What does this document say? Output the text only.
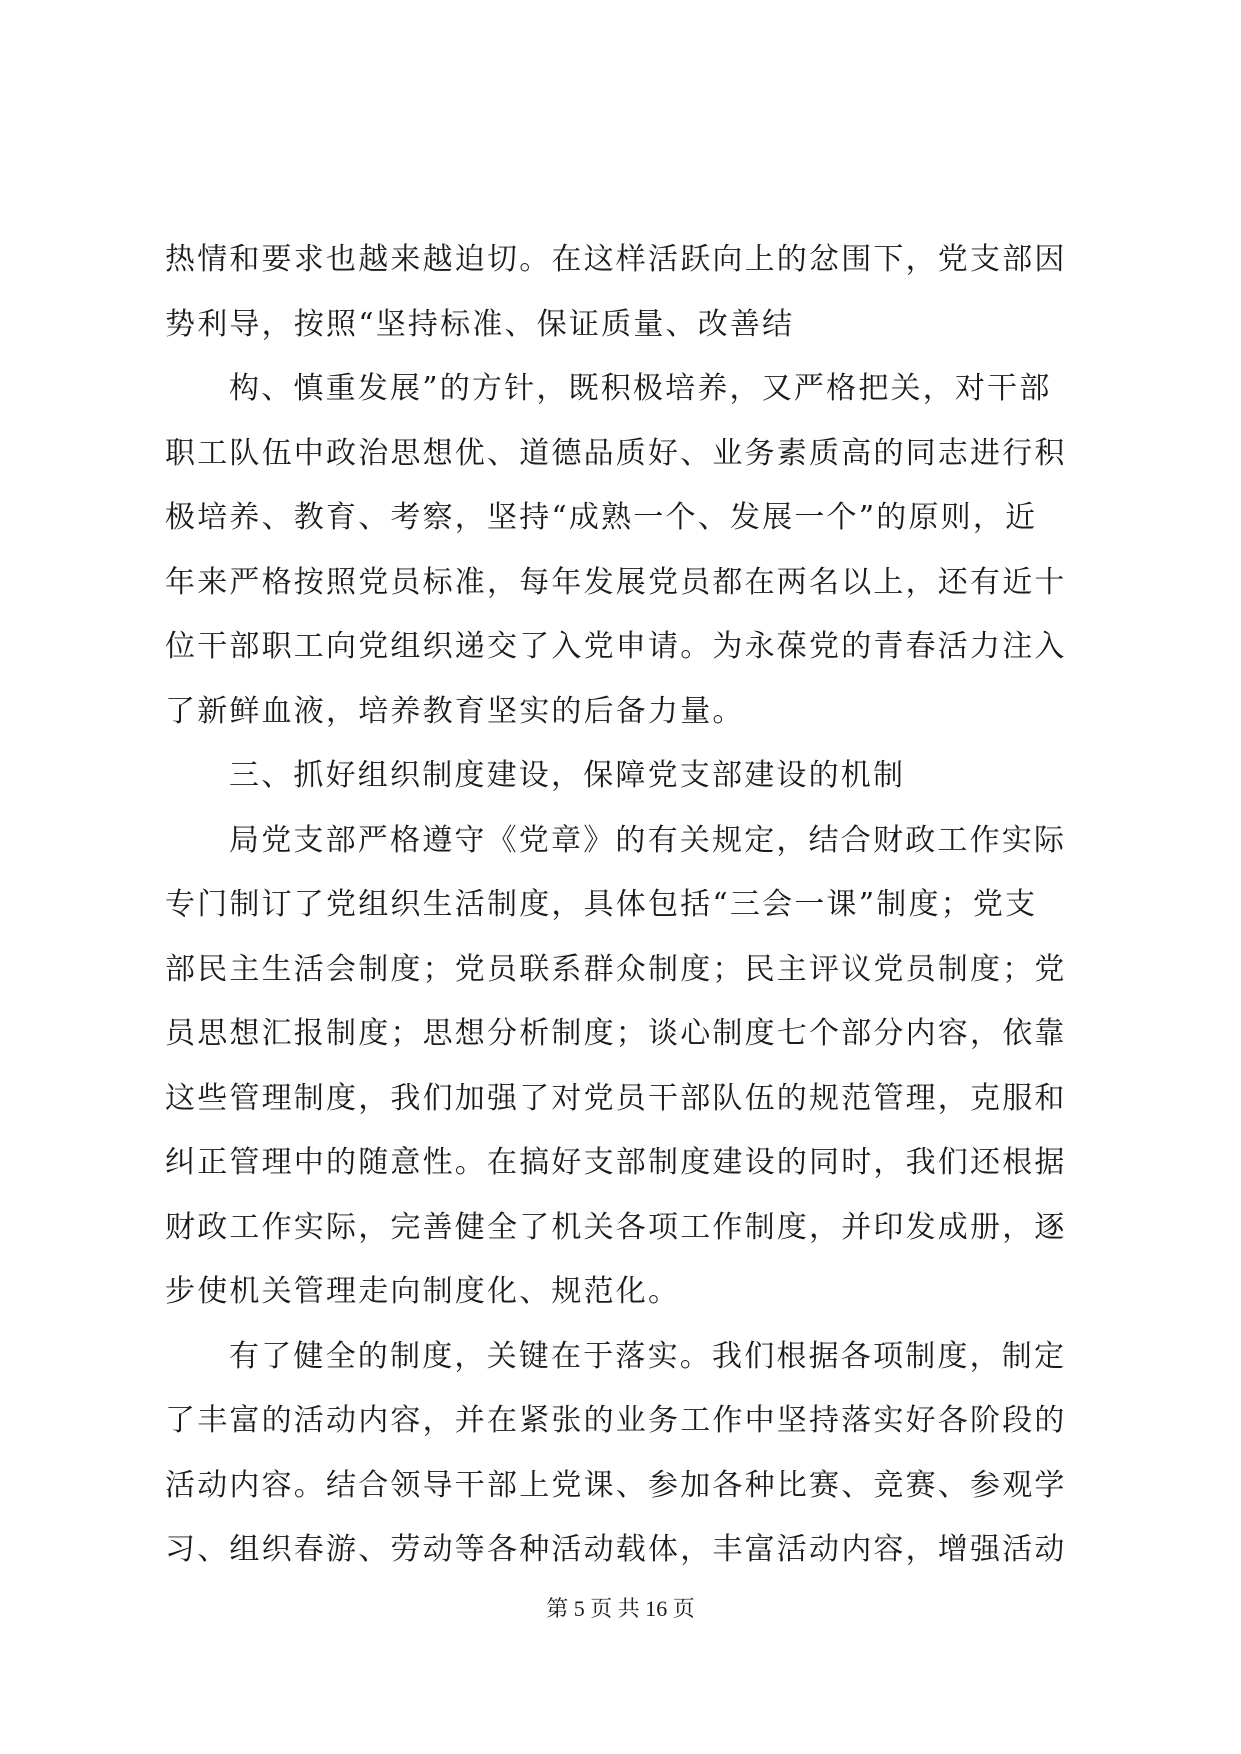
热情和要求也越来越迫切。在这样活跃向上的忿围下，党支部因
势利导，按照“坚持标准、保证质量、改善结
构、慎重发展”的方针，既积极培养，又严格把关，对干部
职工队伍中政治思想优、道德品质好、业务素质高的同志进行积
极培养、教育、考察，坚持“成熟一个、发展一个”的原则，近
年来严格按照党员标准，每年发展党员都在两名以上，还有近十
位干部职工向党组织递交了入党申请。为永葆党的青春活力注入
了新鲜血液，培养教育坚实的后备力量。
三、抓好组织制度建设，保障党支部建设的机制
局党支部严格遵守《党章》的有关规定，结合财政工作实际
专门制订了党组织生活制度，具体包括“三会一课”制度；党支
部民主生活会制度；党员联系群众制度；民主评议党员制度；党
员思想汇报制度；思想分析制度；谈心制度七个部分内容，依靠
这些管理制度，我们加强了对党员干部队伍的规范管理，克服和
纠正管理中的随意性。在搞好支部制度建设的同时，我们还根据
财政工作实际，完善健全了机关各项工作制度，并印发成册，逐
步使机关管理走向制度化、规范化。
有了健全的制度，关键在于落实。我们根据各项制度，制定
了丰富的活动内容，并在紧张的业务工作中坚持落实好各阶段的
活动内容。结合领导干部上党课、参加各种比赛、竞赛、参观学
习、组织春游、劳动等各种活动载体，丰富活动内容，增强活动
第 5 页 共 16 页
